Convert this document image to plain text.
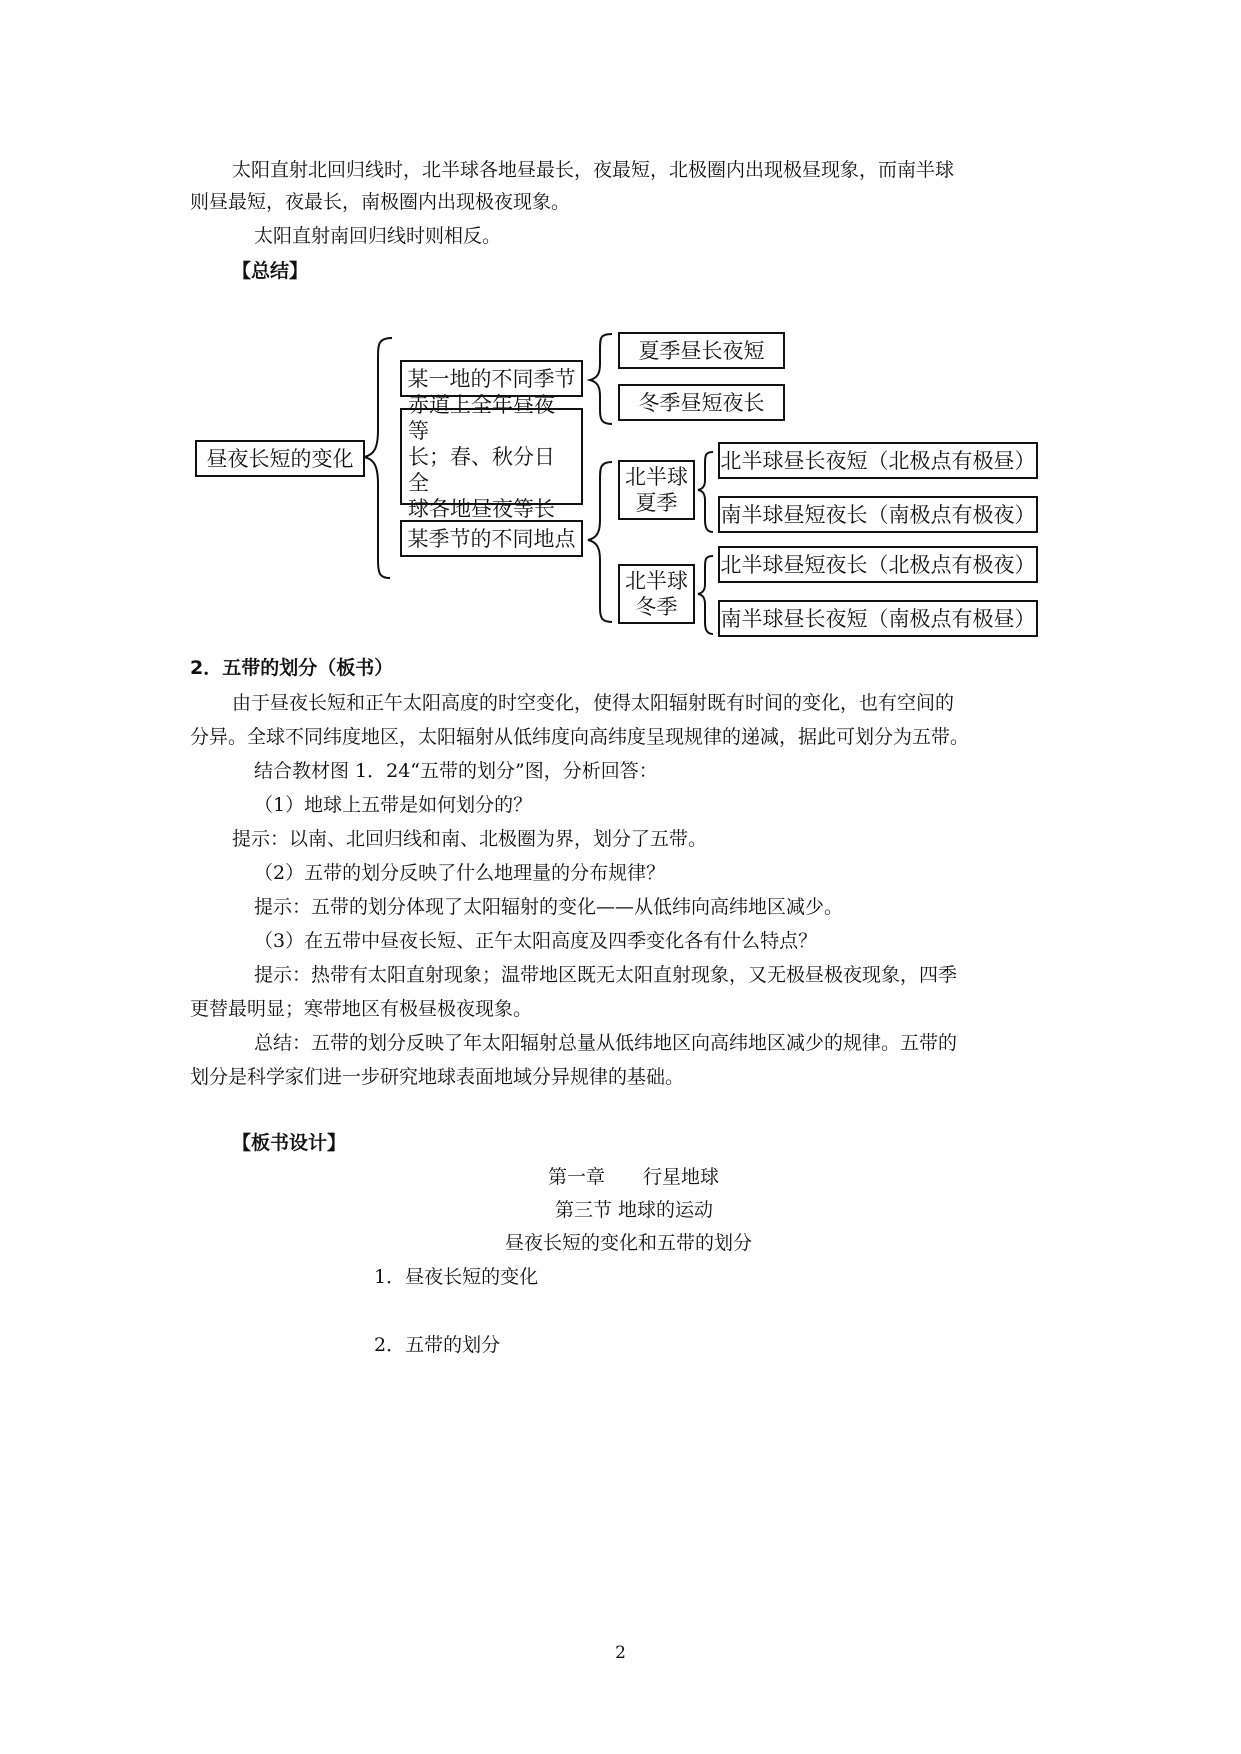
太阳直射北回归线时，北半球各地昼最长，夜最短，北极圈内出现极昼现象，而南半球
则昼最短，夜最长，南极圈内出现极夜现象。
太阳直射南回归线时则相反。
【总结】
昼夜长短的变化
某一地的不同季节
赤道上全年昼夜等
长；春、秋分日全
球各地昼夜等长
某季节的不同地点
夏季昼长夜短
冬季昼短夜长
北半球
夏季
北半球
冬季
北半球昼长夜短（北极点有极昼）
南半球昼短夜长（南极点有极夜）
北半球昼短夜长（北极点有极夜）
南半球昼长夜短（南极点有极昼）
2．五带的划分（板书）
由于昼夜长短和正午太阳高度的时空变化，使得太阳辐射既有时间的变化，也有空间的
分异。全球不同纬度地区，太阳辐射从低纬度向高纬度呈现规律的递减，据此可划分为五带。
结合教材图 1．24“五带的划分”图，分析回答：
（1）地球上五带是如何划分的？
提示：以南、北回归线和南、北极圈为界，划分了五带。
（2）五带的划分反映了什么地理量的分布规律？
提示：五带的划分体现了太阳辐射的变化——从低纬向高纬地区减少。
（3）在五带中昼夜长短、正午太阳高度及四季变化各有什么特点？
提示：热带有太阳直射现象；温带地区既无太阳直射现象，又无极昼极夜现象，四季
更替最明显；寒带地区有极昼极夜现象。
总结：五带的划分反映了年太阳辐射总量从低纬地区向高纬地区减少的规律。五带的
划分是科学家们进一步研究地球表面地域分异规律的基础。
【板书设计】
第一章　　行星地球
第三节 地球的运动
昼夜长短的变化和五带的划分
1．昼夜长短的变化
2．五带的划分
2
